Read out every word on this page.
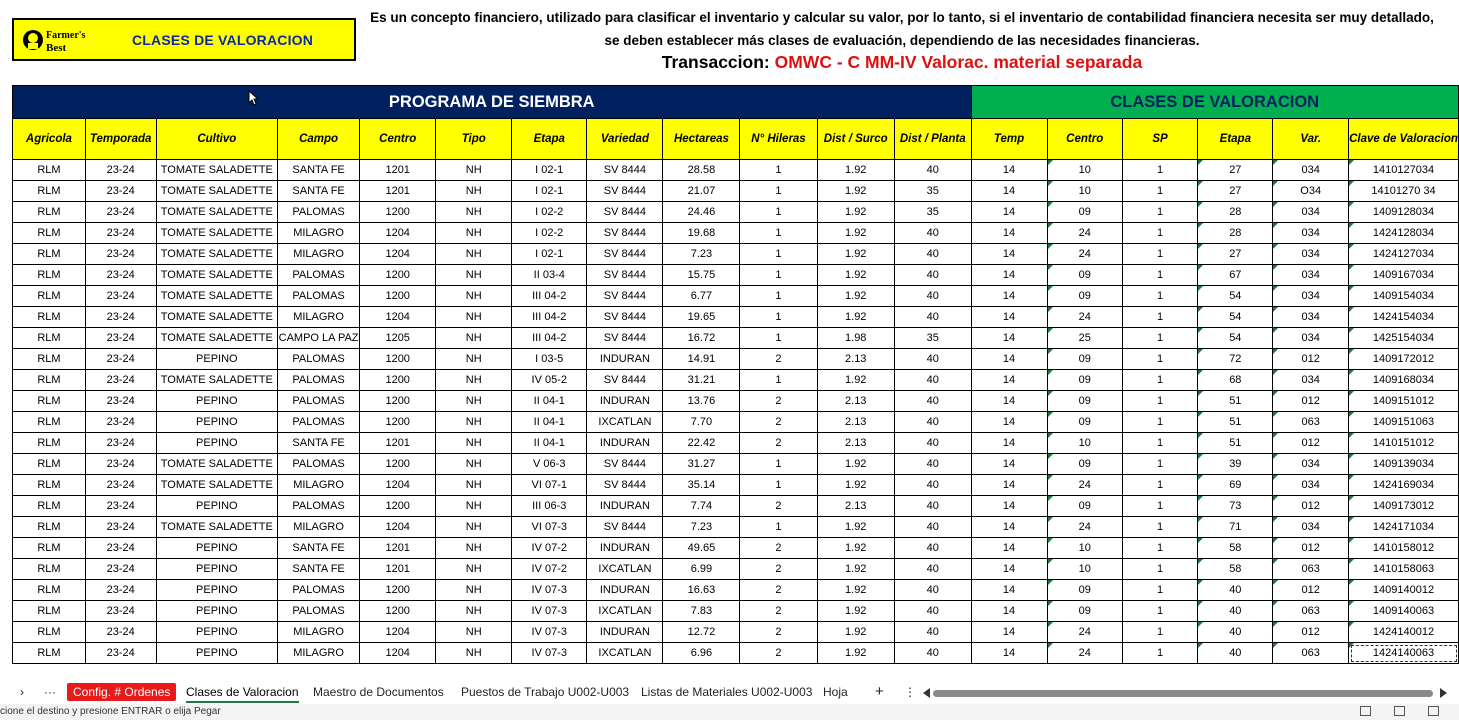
Farmer's
Best	CLASES DE VALORACION
Es un concepto financiero, utilizado para clasificar el inventario y calcular su valor, por lo tanto, si el inventario de contabilidad financiera necesita ser muy detallado,
se deben establecer más clases de evaluación, dependiendo de las necesidades financieras.
Transaccion: OMWC - C MM-IV Valorac. material separada
PROGRAMA DE SIEMBRA												CLASES DE VALORACION					
Agricola	Temporada	Cultivo	Campo	Centro	Tipo	Etapa	Variedad	Hectareas	N° Hileras	Dist / Surco	Dist / Planta	Temp	Centro	SP	Etapa	Var.	Clave de Valoracion
RLM	23-24	TOMATE SALADETTE	SANTA FE	1201	NH	I 02-1	SV 8444	28.58	1	1.92	40	14	10	1	27	034	1410127034

RLM	23-24	TOMATE SALADETTE	SANTA FE	1201	NH	I 02-1	SV 8444	21.07	1	1.92	35	14	10	1	27	O34	14101270 34

RLM	23-24	TOMATE SALADETTE	PALOMAS	1200	NH	I 02-2	SV 8444	24.46	1	1.92	35	14	09	1	28	034	1409128034

RLM	23-24	TOMATE SALADETTE	MILAGRO	1204	NH	I 02-2	SV 8444	19.68	1	1.92	40	14	24	1	28	034	1424128034

RLM	23-24	TOMATE SALADETTE	MILAGRO	1204	NH	I 02-1	SV 8444	7.23	1	1.92	40	14	24	1	27	034	1424127034

RLM	23-24	TOMATE SALADETTE	PALOMAS	1200	NH	II 03-4	SV 8444	15.75	1	1.92	40	14	09	1	67	034	1409167034

RLM	23-24	TOMATE SALADETTE	PALOMAS	1200	NH	III 04-2	SV 8444	6.77	1	1.92	40	14	09	1	54	034	1409154034

RLM	23-24	TOMATE SALADETTE	MILAGRO	1204	NH	III 04-2	SV 8444	19.65	1	1.92	40	14	24	1	54	034	1424154034

RLM	23-24	TOMATE SALADETTE	CAMPO LA PAZ	1205	NH	III 04-2	SV 8444	16.72	1	1.98	35	14	25	1	54	034	1425154034

RLM	23-24	PEPINO	PALOMAS	1200	NH	I 03-5	INDURAN	14.91	2	2.13	40	14	09	1	72	012	1409172012

RLM	23-24	TOMATE SALADETTE	PALOMAS	1200	NH	IV 05-2	SV 8444	31.21	1	1.92	40	14	09	1	68	034	1409168034

RLM	23-24	PEPINO	PALOMAS	1200	NH	II 04-1	INDURAN	13.76	2	2.13	40	14	09	1	51	012	1409151012

RLM	23-24	PEPINO	PALOMAS	1200	NH	II 04-1	IXCATLAN	7.70	2	2.13	40	14	09	1	51	063	1409151063

RLM	23-24	PEPINO	SANTA FE	1201	NH	II 04-1	INDURAN	22.42	2	2.13	40	14	10	1	51	012	1410151012

RLM	23-24	TOMATE SALADETTE	PALOMAS	1200	NH	V 06-3	SV 8444	31.27	1	1.92	40	14	09	1	39	034	1409139034

RLM	23-24	TOMATE SALADETTE	MILAGRO	1204	NH	VI 07-1	SV 8444	35.14	1	1.92	40	14	24	1	69	034	1424169034

RLM	23-24	PEPINO	PALOMAS	1200	NH	III 06-3	INDURAN	7.74	2	2.13	40	14	09	1	73	012	1409173012

RLM	23-24	TOMATE SALADETTE	MILAGRO	1204	NH	VI 07-3	SV 8444	7.23	1	1.92	40	14	24	1	71	034	1424171034

RLM	23-24	PEPINO	SANTA FE	1201	NH	IV 07-2	INDURAN	49.65	2	1.92	40	14	10	1	58	012	1410158012

RLM	23-24	PEPINO	SANTA FE	1201	NH	IV 07-2	IXCATLAN	6.99	2	1.92	40	14	10	1	58	063	1410158063

RLM	23-24	PEPINO	PALOMAS	1200	NH	IV 07-3	INDURAN	16.63	2	1.92	40	14	09	1	40	012	1409140012

RLM	23-24	PEPINO	PALOMAS	1200	NH	IV 07-3	IXCATLAN	7.83	2	1.92	40	14	09	1	40	063	1409140063

RLM	23-24	PEPINO	MILAGRO	1204	NH	IV 07-3	INDURAN	12.72	2	1.92	40	14	24	1	40	012	1424140012

RLM	23-24	PEPINO	MILAGRO	1204	NH	IV 07-3	IXCATLAN	6.96	2	1.92	40	14	24	1	40	063	1424140063
› ···	Config. # Ordenes	Clases de Valoracion Maestro de Documentos Puestos de Trabajo U002-U003 Listas de Materiales U002-U003 Hoja + ⋮
cione el destino y presione ENTRAR o elija Pegar
